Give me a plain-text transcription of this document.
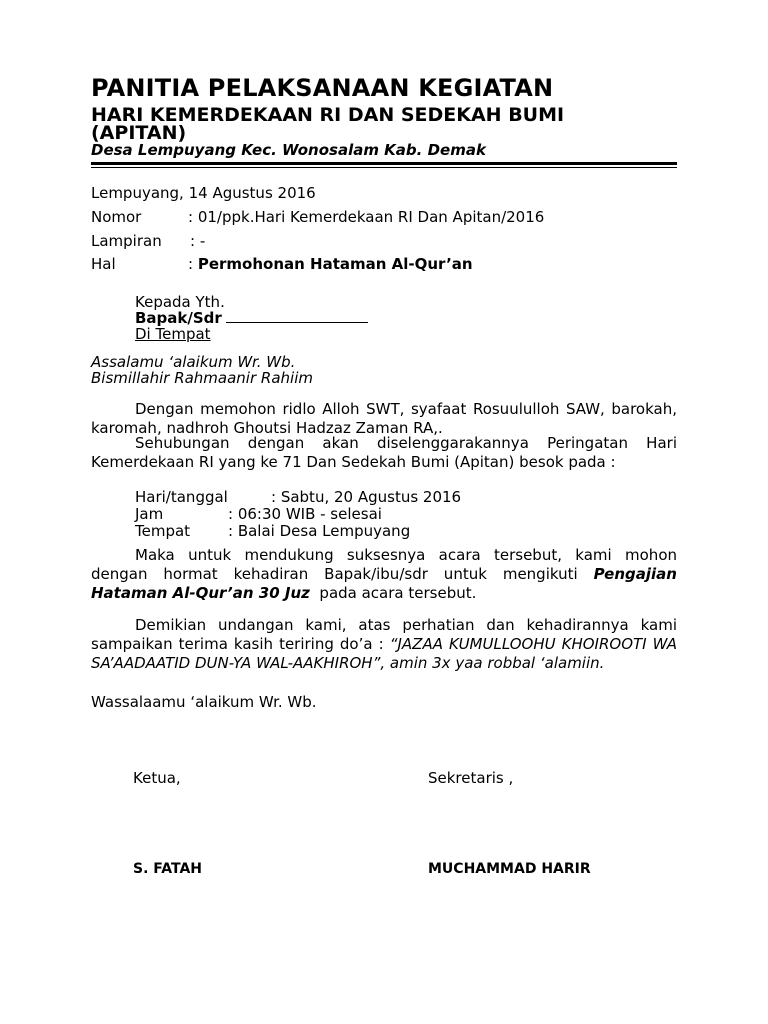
PANITIA PELAKSANAAN KEGIATAN
HARI KEMERDEKAAN RI DAN SEDEKAH BUMI
(APITAN)
Desa Lempuyang Kec. Wonosalam Kab. Demak
Lempuyang, 14 Agustus 2016
Nomor	: 01/ppk.Hari Kemerdekaan RI Dan Apitan/2016
Lampiran : -
Hal	: Permohonan Hataman Al-Qur’an
Kepada Yth.
Bapak/Sdr
Di Tempat
Assalamu ‘alaikum Wr. Wb.
Bismillahir Rahmaanir Rahiim
Dengan memohon ridlo Alloh SWT, syafaat Rosuululloh SAW, barokah,
karomah, nadhroh Ghoutsi Hadzaz Zaman RA,.
Sehubungan dengan akan diselenggarakannya Peringatan Hari
Kemerdekaan RI yang ke 71 Dan Sedekah Bumi (Apitan) besok pada :
Hari/tanggal	: Sabtu, 20 Agustus 2016
Jam	: 06:30 WIB - selesai
Tempat	: Balai Desa Lempuyang
Maka untuk mendukung suksesnya acara tersebut, kami mohon
dengan hormat kehadiran Bapak/ibu/sdr untuk mengikuti Pengajian
Hataman Al-Qur’an 30 Juz pada acara tersebut.
Demikian undangan kami, atas perhatian dan kehadirannya kami
sampaikan terima kasih teriring do’a : “JAZAA KUMULLOOHU KHOIROOTI WA
SA’AADAATID DUN-YA WAL-AAKHIROH”, amin 3x yaa robbal ‘alamiin.
Wassalaamu ‘alaikum Wr. Wb.
Ketua,	Sekretaris ,
S. FATAH	MUCHAMMAD HARIR
